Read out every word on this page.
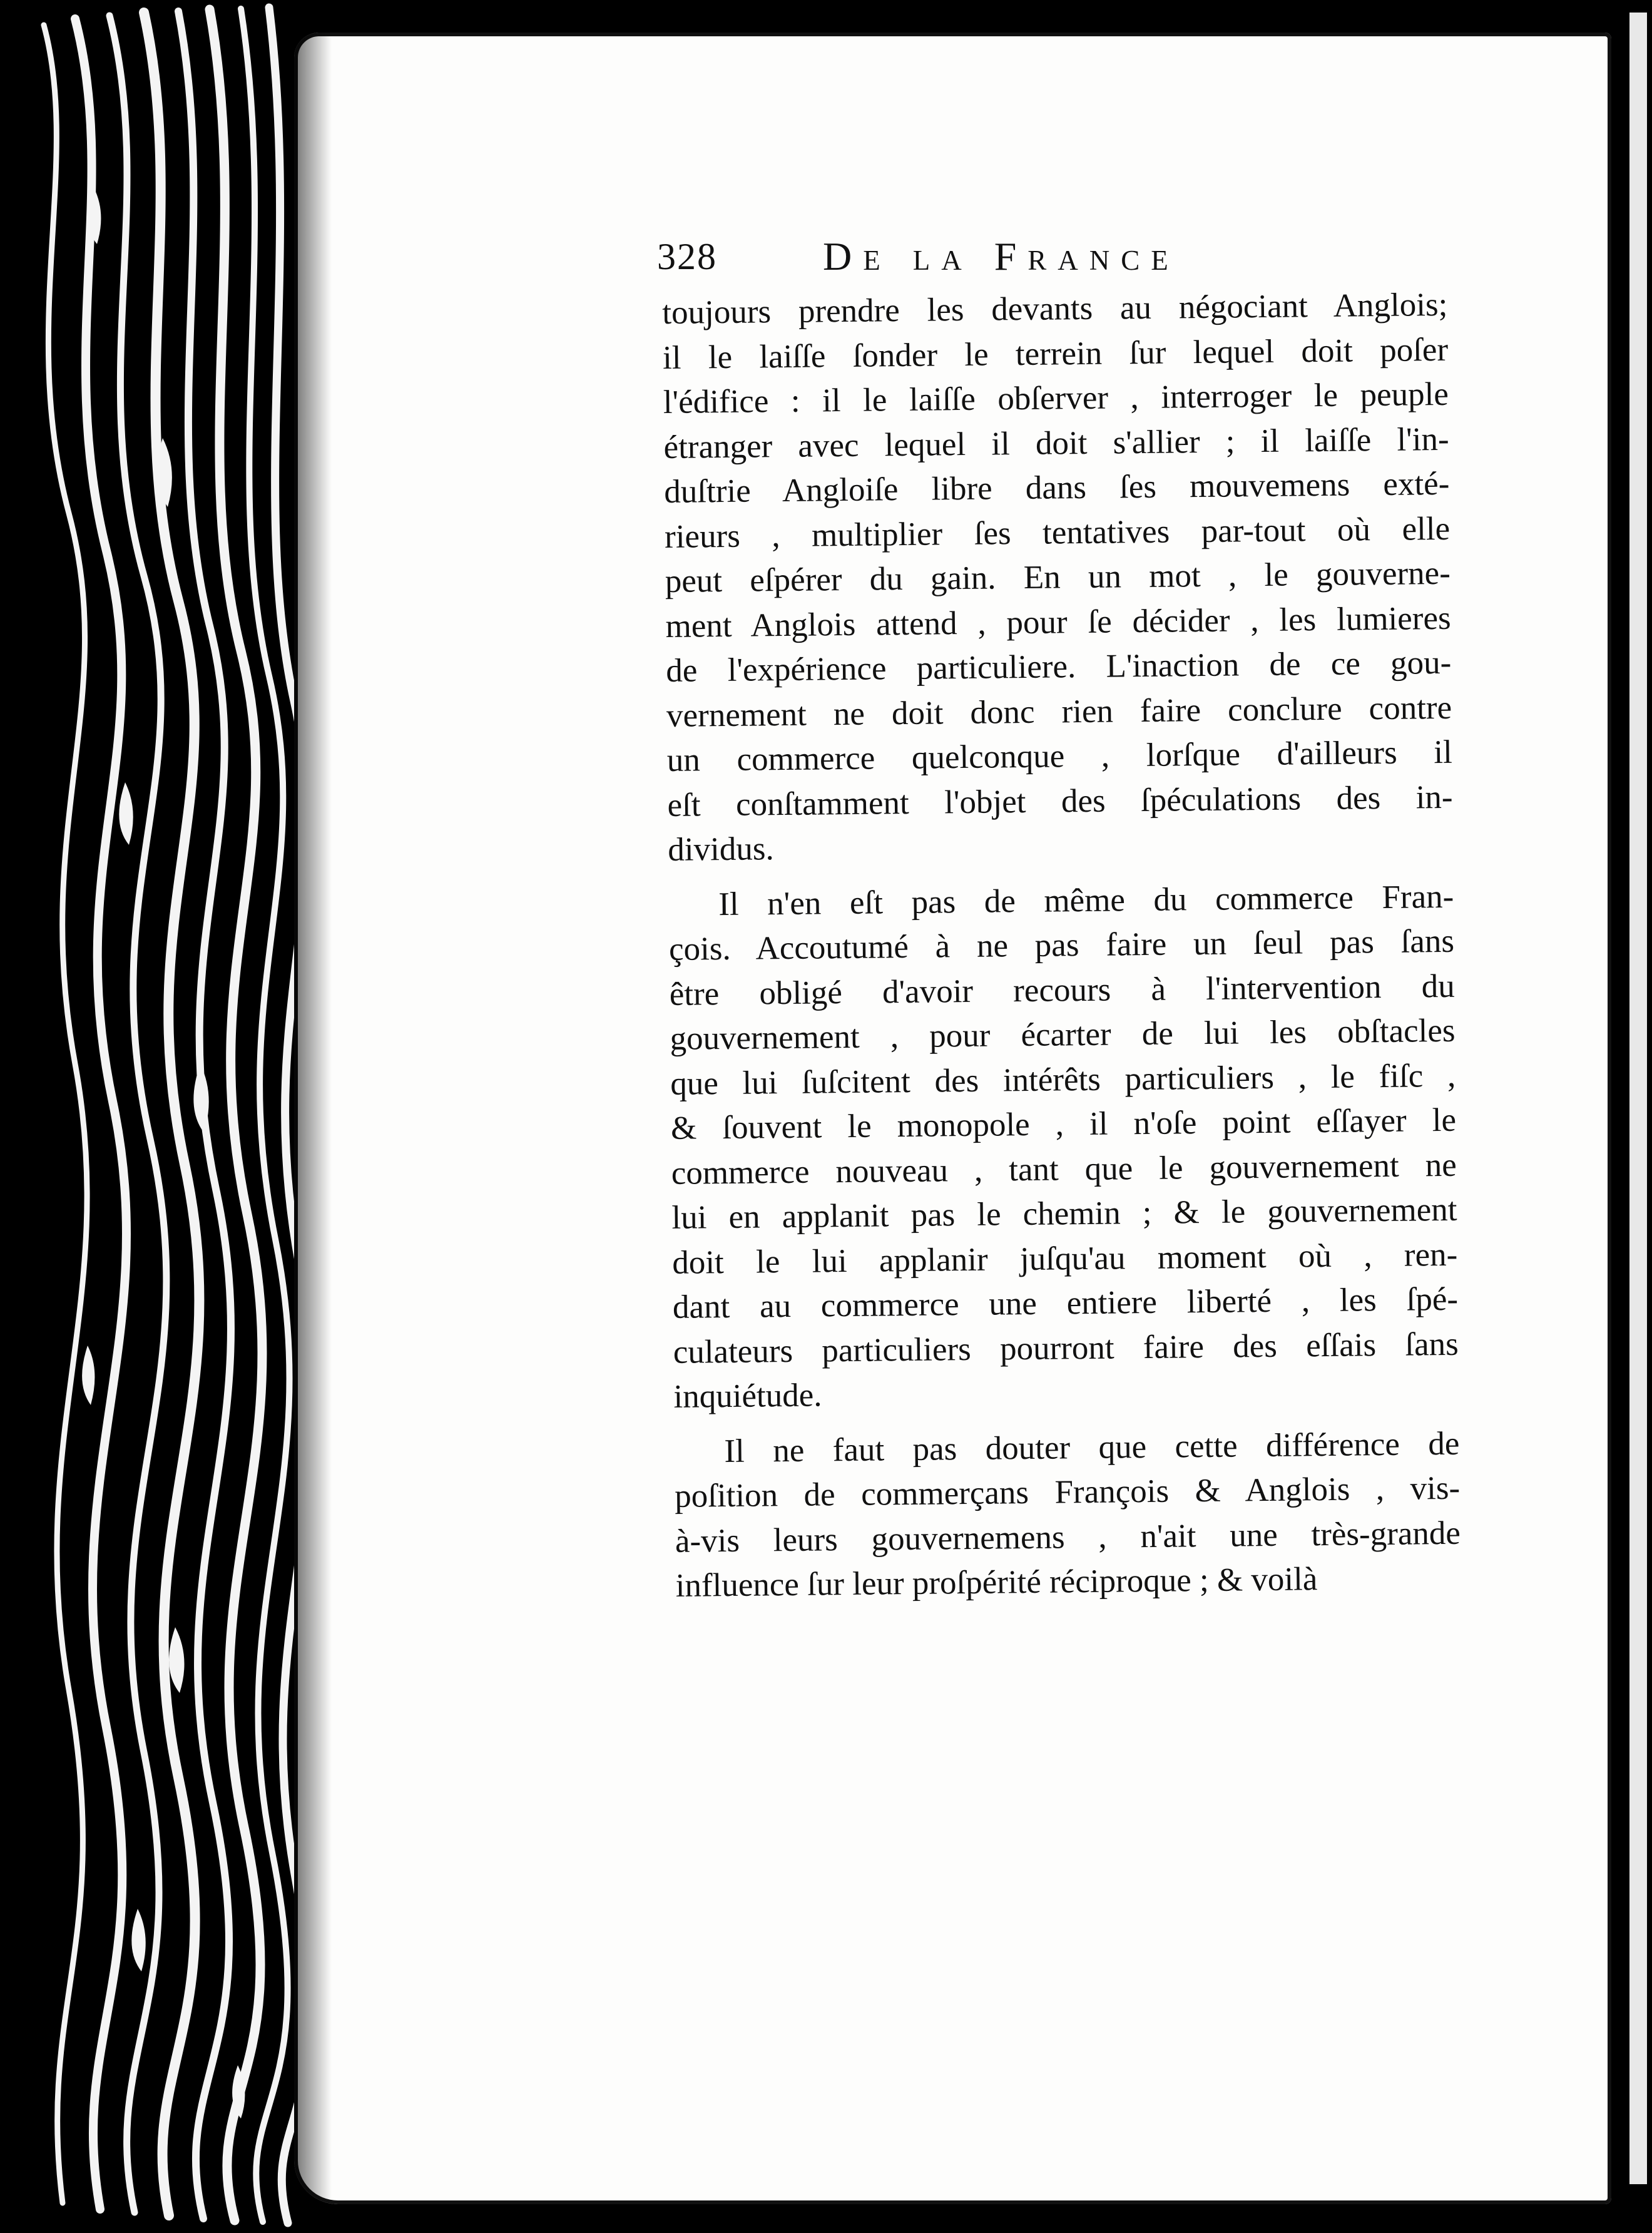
328	De la France
toujours prendre les devants au négociant Anglois;
il le laiſſe ſonder le terrein ſur lequel doit poſer
l'édifice : il le laiſſe obſerver , interroger le peuple
étranger avec lequel il doit s'allier ; il laiſſe l'in-
duſtrie Angloiſe libre dans ſes mouvemens exté-
rieurs , multiplier ſes tentatives par-tout où elle
peut eſpérer du gain. En un mot , le gouverne-
ment Anglois attend , pour ſe décider , les lumieres
de l'expérience particuliere. L'inaction de ce gou-
vernement ne doit donc rien faire conclure contre
un commerce quelconque , lorſque d'ailleurs il
eſt conſtamment l'objet des ſpéculations des in-
dividus.
Il n'en eſt pas de même du commerce Fran-
çois. Accoutumé à ne pas faire un ſeul pas ſans
être obligé d'avoir recours à l'intervention du
gouvernement , pour écarter de lui les obſtacles
que lui ſuſcitent des intérêts particuliers , le fiſc ,
& ſouvent le monopole , il n'oſe point eſſayer le
commerce nouveau , tant que le gouvernement ne
lui en applanit pas le chemin ; & le gouvernement
doit le lui applanir juſqu'au moment où , ren-
dant au commerce une entiere liberté , les ſpé-
culateurs particuliers pourront faire des eſſais ſans
inquiétude.
Il ne faut pas douter que cette différence de
poſition de commerçans François & Anglois , vis-
à-vis leurs gouvernemens , n'ait une très-grande
influence ſur leur proſpérité réciproque ; & voilà
